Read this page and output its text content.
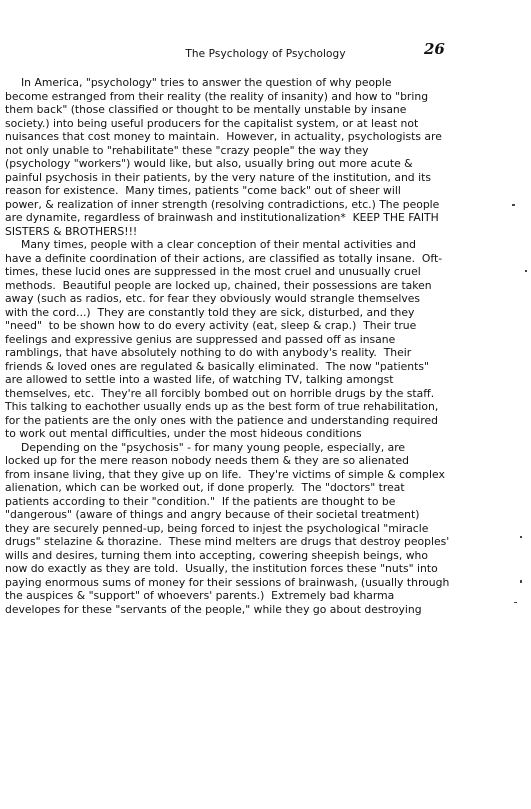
The Psychology of Psychology	26
In America, "psychology" tries to answer the question of why people
become estranged from their reality (the reality of insanity) and how to "bring
them back" (those classified or thought to be mentally unstable by insane
society.) into being useful producers for the capitalist system, or at least not
nuisances that cost money to maintain.  However, in actuality, psychologists are
not only unable to "rehabilitate" these "crazy people" the way they
(psychology "workers") would like, but also, usually bring out more acute &
painful psychosis in their patients, by the very nature of the institution, and its
reason for existence.  Many times, patients "come back" out of sheer will
power, & realization of inner strength (resolving contradictions, etc.) The people
are dynamite, regardless of brainwash and institutionalization*  KEEP THE FAITH
SISTERS & BROTHERS!!!
Many times, people with a clear conception of their mental activities and
have a definite coordination of their actions, are classified as totally insane.  Oft-
times, these lucid ones are suppressed in the most cruel and unusually cruel
methods.  Beautiful people are locked up, chained, their possessions are taken
away (such as radios, etc. for fear they obviously would strangle themselves
with the cord...)  They are constantly told they are sick, disturbed, and they
"need"  to be shown how to do every activity (eat, sleep & crap.)  Their true
feelings and expressive genius are suppressed and passed off as insane
ramblings, that have absolutely nothing to do with anybody's reality.  Their
friends & loved ones are regulated & basically eliminated.  The now "patients"
are allowed to settle into a wasted life, of watching TV, talking amongst
themselves, etc.  They're all forcibly bombed out on horrible drugs by the staff.
This talking to eachother usually ends up as the best form of true rehabilitation,
for the patients are the only ones with the patience and understanding required
to work out mental difficulties, under the most hideous conditions
Depending on the "psychosis" - for many young people, especially, are
locked up for the mere reason nobody needs them & they are so alienated
from insane living, that they give up on life.  They're victims of simple & complex
alienation, which can be worked out, if done properly.  The "doctors" treat
patients according to their "condition."  If the patients are thought to be
"dangerous" (aware of things and angry because of their societal treatment)
they are securely penned-up, being forced to injest the psychological "miracle
drugs" stelazine & thorazine.  These mind melters are drugs that destroy peoples'
wills and desires, turning them into accepting, cowering sheepish beings, who
now do exactly as they are told.  Usually, the institution forces these "nuts" into
paying enormous sums of money for their sessions of brainwash, (usually through
the auspices & "support" of whoevers' parents.)  Extremely bad kharma
developes for these "servants of the people," while they go about destroying
